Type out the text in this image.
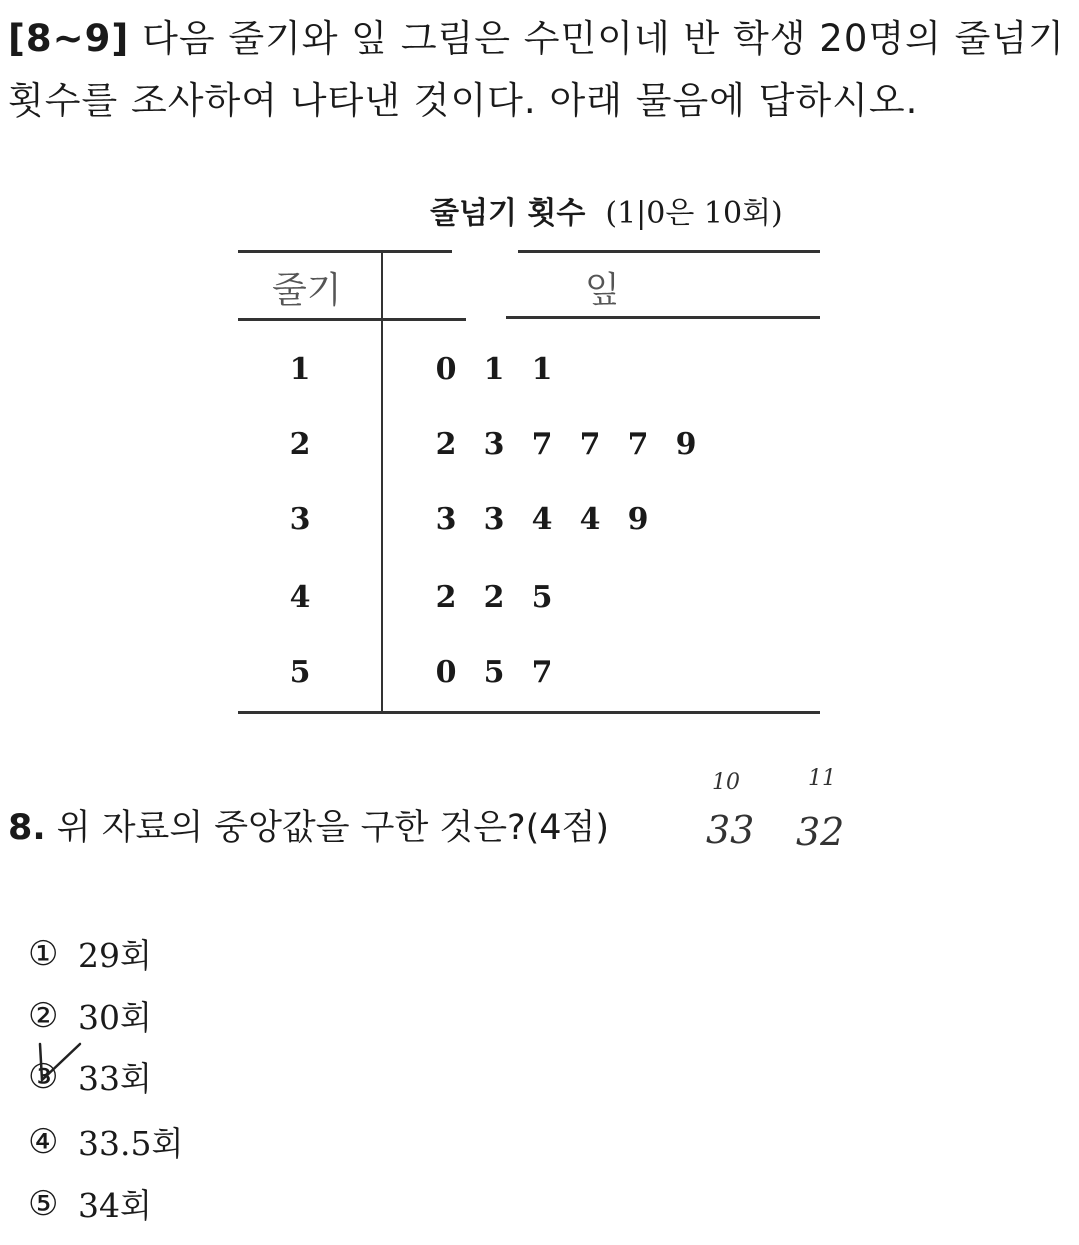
[8~9] 다음 줄기와 잎 그림은 수민이네 반 학생 20명의 줄넘기 횟수를 조사하여 나타낸 것이다. 아래 물음에 답하시오.
줄넘기 횟수 (1|0은 10회)
줄기	잎
1	0 1 1
2	2 3 7 7 7 9
3	3 3 4 4 9
4	2 2 5
5	0 5 7
8. 위 자료의 중앙값을 구한 것은?(4점)
10	11
33 32
① 29회
② 30회
③ 33회
④ 33.5회
⑤ 34회
